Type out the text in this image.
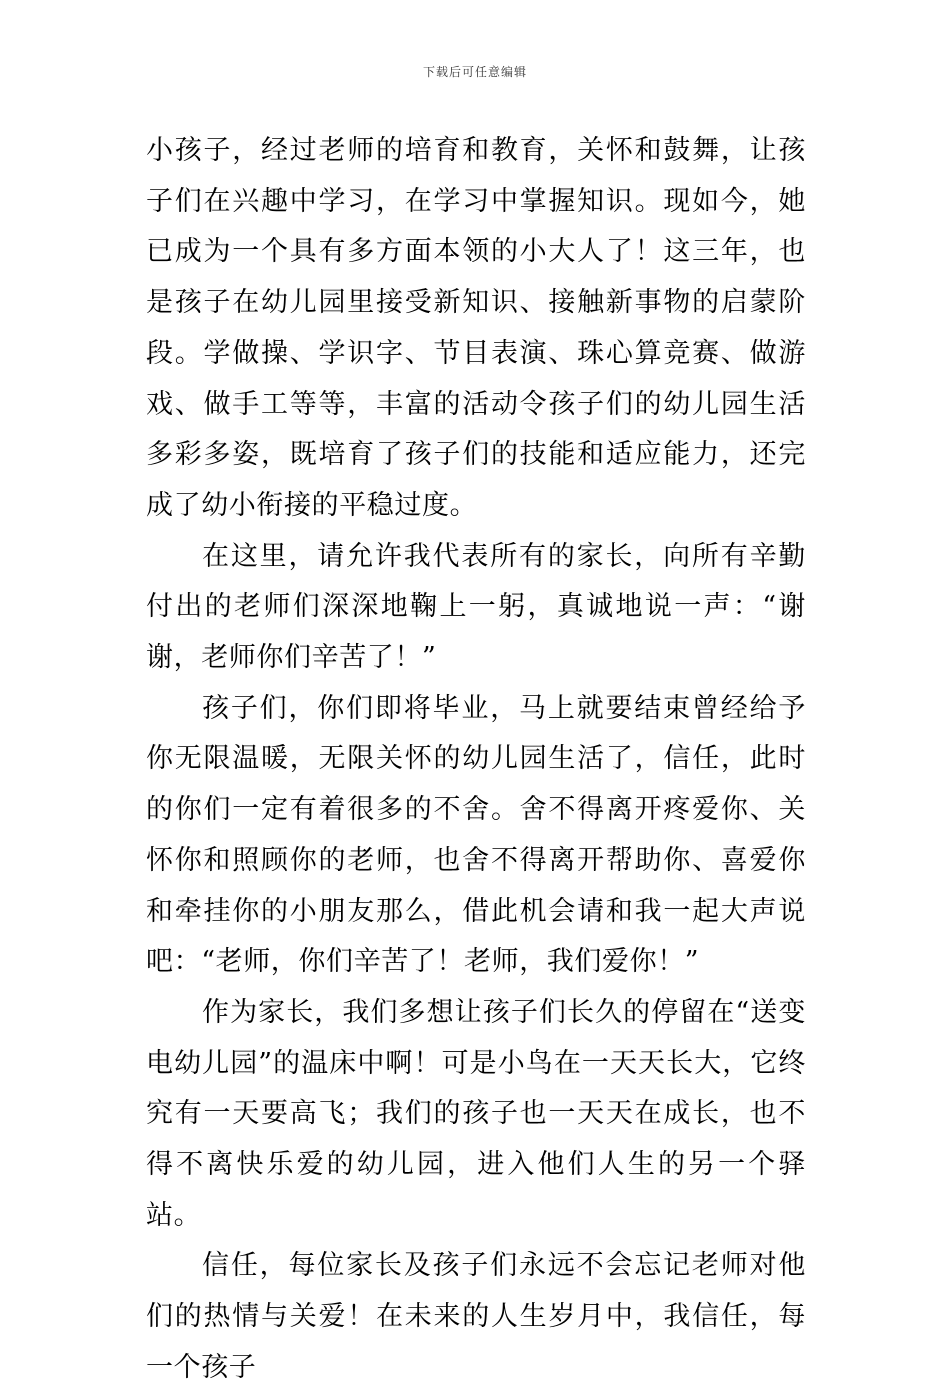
下载后可任意编辑

小孩子，经过老师的培育和教育，关怀和鼓舞，让孩子们在兴趣中学习，在学习中掌握知识。现如今，她已成为一个具有多方面本领的小大人了！这三年，也是孩子在幼儿园里接受新知识、接触新事物的启蒙阶段。学做操、学识字、节目表演、珠心算竞赛、做游戏、做手工等等，丰富的活动令孩子们的幼儿园生活多彩多姿，既培育了孩子们的技能和适应能力，还完成了幼小衔接的平稳过度。

在这里，请允许我代表所有的家长，向所有辛勤付出的老师们深深地鞠上一躬，真诚地说一声：“谢谢，老师你们辛苦了！”

孩子们，你们即将毕业，马上就要结束曾经给予你无限温暖，无限关怀的幼儿园生活了，信任，此时的你们一定有着很多的不舍。舍不得离开疼爱你、关怀你和照顾你的老师，也舍不得离开帮助你、喜爱你和牵挂你的小朋友那么，借此机会请和我一起大声说吧：“老师，你们辛苦了！老师，我们爱你！”

作为家长，我们多想让孩子们长久的停留在“送变电幼儿园”的温床中啊！可是小鸟在一天天长大，它终究有一天要高飞；我们的孩子也一天天在成长，也不得不离快乐爱的幼儿园，进入他们人生的另一个驿站。

信任，每位家长及孩子们永远不会忘记老师对他们的热情与关爱！在未来的人生岁月中，我信任，每一个孩子
